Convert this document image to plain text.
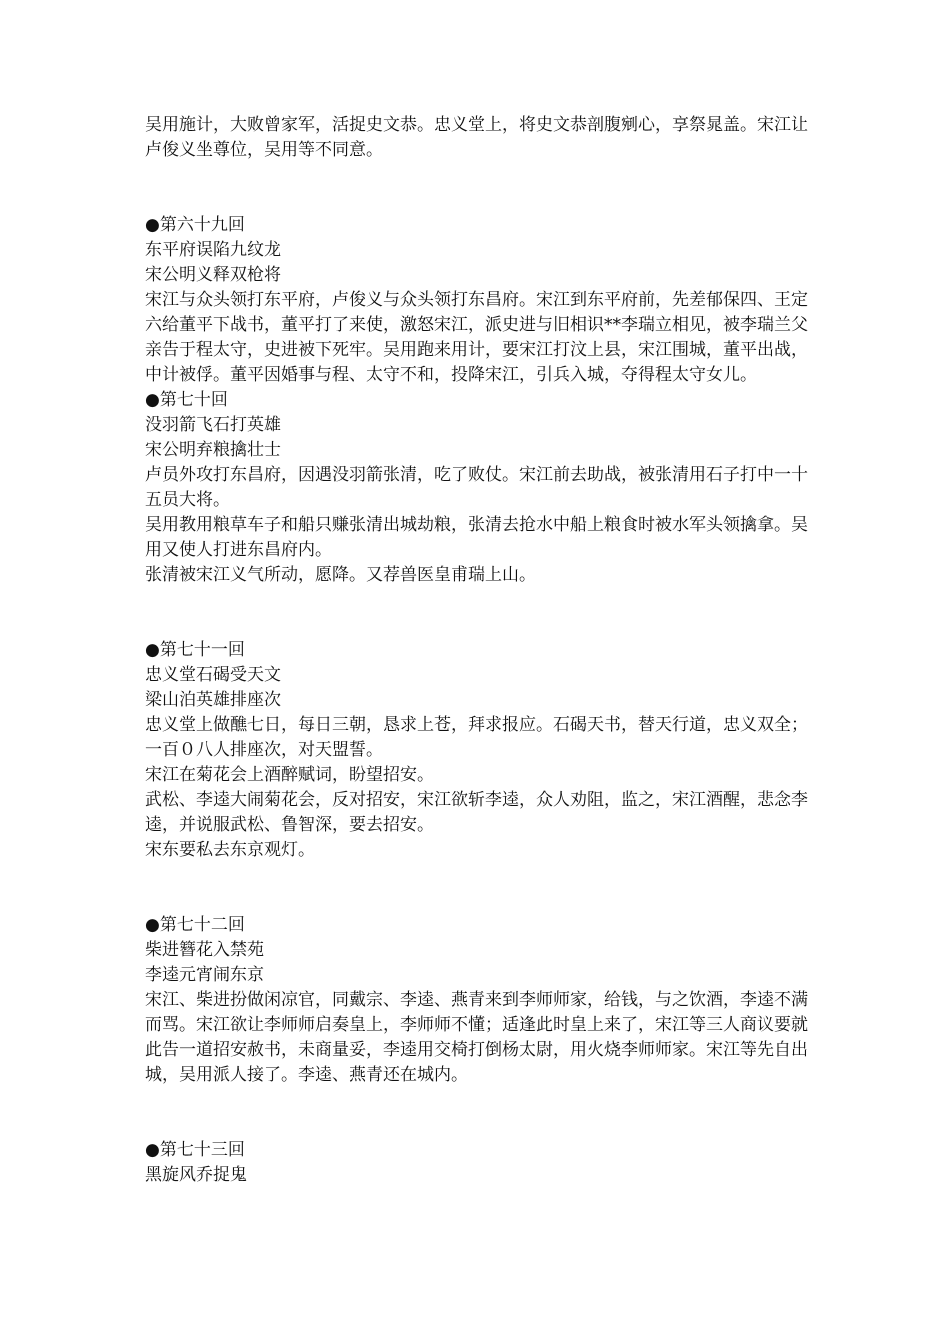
吴用施计，大败曾家军，活捉史文恭。忠义堂上，将史文恭剖腹剜心，享祭晁盖。宋江让卢俊义坐尊位，吴用等不同意。

● 第六十九回

东平府误陷九纹龙

宋公明义释双枪将

宋江与众头领打东平府，卢俊义与众头领打东昌府。宋江到东平府前，先差郁保四、王定六给董平下战书，董平打了来使，激怒宋江，派史进与旧相识**李瑞立相见，被李瑞兰父亲告于程太守，史进被下死牢。吴用跑来用计，要宋江打汶上县，宋江围城，董平出战，中计被俘。董平因婚事与程、太守不和，投降宋江，引兵入城，夺得程太守女儿。

● 第七十回

没羽箭飞石打英雄

宋公明弃粮擒壮士

卢员外攻打东昌府，因遇没羽箭张清，吃了败仗。宋江前去助战，被张清用石子打中一十五员大将。

吴用教用粮草车子和船只赚张清出城劫粮，张清去抢水中船上粮食时被水军头领擒拿。吴用又使人打进东昌府内。

张清被宋江义气所动，愿降。又荐兽医皇甫瑞上山。

● 第七十一回

忠义堂石碣受天文

梁山泊英雄排座次

忠义堂上做醮七日，每日三朝，恳求上苍，拜求报应。石碣天书，替天行道，忠义双全；一百０八人排座次，对天盟誓。

宋江在菊花会上酒醉赋词，盼望招安。

武松、李逵大闹菊花会，反对招安，宋江欲斩李逵，众人劝阻，监之，宋江酒醒，悲念李逵，并说服武松、鲁智深，要去招安。

宋东要私去东京观灯。

● 第七十二回

柴进簪花入禁苑

李逵元宵闹东京

宋江、柴进扮做闲凉官，同戴宗、李逵、燕青来到李师师家，给钱，与之饮酒，李逵不满而骂。宋江欲让李师师启奏皇上，李师师不懂；适逢此时皇上来了，宋江等三人商议要就此告一道招安赦书，未商量妥，李逵用交椅打倒杨太尉，用火烧李师师家。宋江等先自出城，吴用派人接了。李逵、燕青还在城内。

● 第七十三回

黑旋风乔捉鬼
